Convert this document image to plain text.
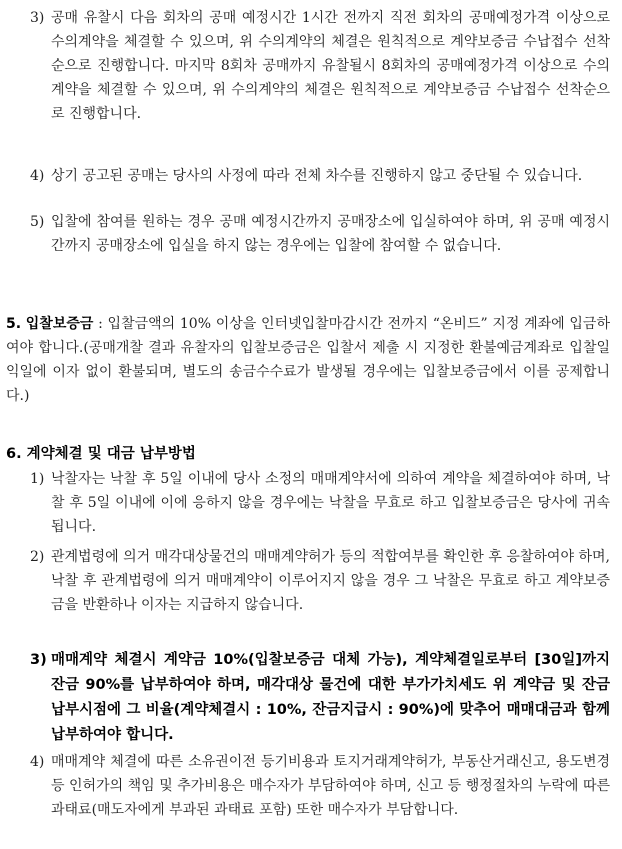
3) 공매 유찰시 다음 회차의 공매 예정시간 1시간 전까지 직전 회차의 공매예정가격 이상으로 수의계약을 체결할 수 있으며, 위 수의계약의 체결은 원칙적으로 계약보증금 수납접수 선착순으로 진행합니다. 마지막 8회차 공매까지 유찰될시 8회차의 공매예정가격 이상으로 수의계약을 체결할 수 있으며, 위 수의계약의 체결은 원칙적으로 계약보증금 수납접수 선착순으로 진행합니다.
4) 상기 공고된 공매는 당사의 사정에 따라 전체 차수를 진행하지 않고 중단될 수 있습니다.
5) 입찰에 참여를 원하는 경우 공매 예정시간까지 공매장소에 입실하여야 하며, 위 공매 예정시간까지 공매장소에 입실을 하지 않는 경우에는 입찰에 참여할 수 없습니다.
5. 입찰보증금 : 입찰금액의 10% 이상을 인터넷입찰마감시간 전까지 “온비드” 지정 계좌에 입금하여야 합니다.(공매개찰 결과 유찰자의 입찰보증금은 입찰서 제출 시 지정한 환불예금계좌로 입찰일 익일에 이자 없이 환불되며, 별도의 송금수수료가 발생될 경우에는 입찰보증금에서 이를 공제합니다.)
6. 계약체결 및 대금 납부방법
1) 낙찰자는 낙찰 후 5일 이내에 당사 소정의 매매계약서에 의하여 계약을 체결하여야 하며, 낙찰 후 5일 이내에 이에 응하지 않을 경우에는 낙찰을 무효로 하고 입찰보증금은 당사에 귀속됩니다.
2) 관계법령에 의거 매각대상물건의 매매계약허가 등의 적합여부를 확인한 후 응찰하여야 하며, 낙찰 후 관계법령에 의거 매매계약이 이루어지지 않을 경우 그 낙찰은 무효로 하고 계약보증금을 반환하나 이자는 지급하지 않습니다.
3) 매매계약 체결시 계약금 10%(입찰보증금 대체 가능), 계약체결일로부터 [30일]까지 잔금 90%를 납부하여야 하며, 매각대상 물건에 대한 부가가치세도 위 계약금 및 잔금 납부시점에 그 비율(계약체결시 : 10%, 잔금지급시 : 90%)에 맞추어 매매대금과 함께 납부하여야 합니다.
4) 매매계약 체결에 따른 소유권이전 등기비용과 토지거래계약허가, 부동산거래신고, 용도변경 등 인허가의 책임 및 추가비용은 매수자가 부담하여야 하며, 신고 등 행정절차의 누락에 따른 과태료(매도자에게 부과된 과태료 포함) 또한 매수자가 부담합니다.
